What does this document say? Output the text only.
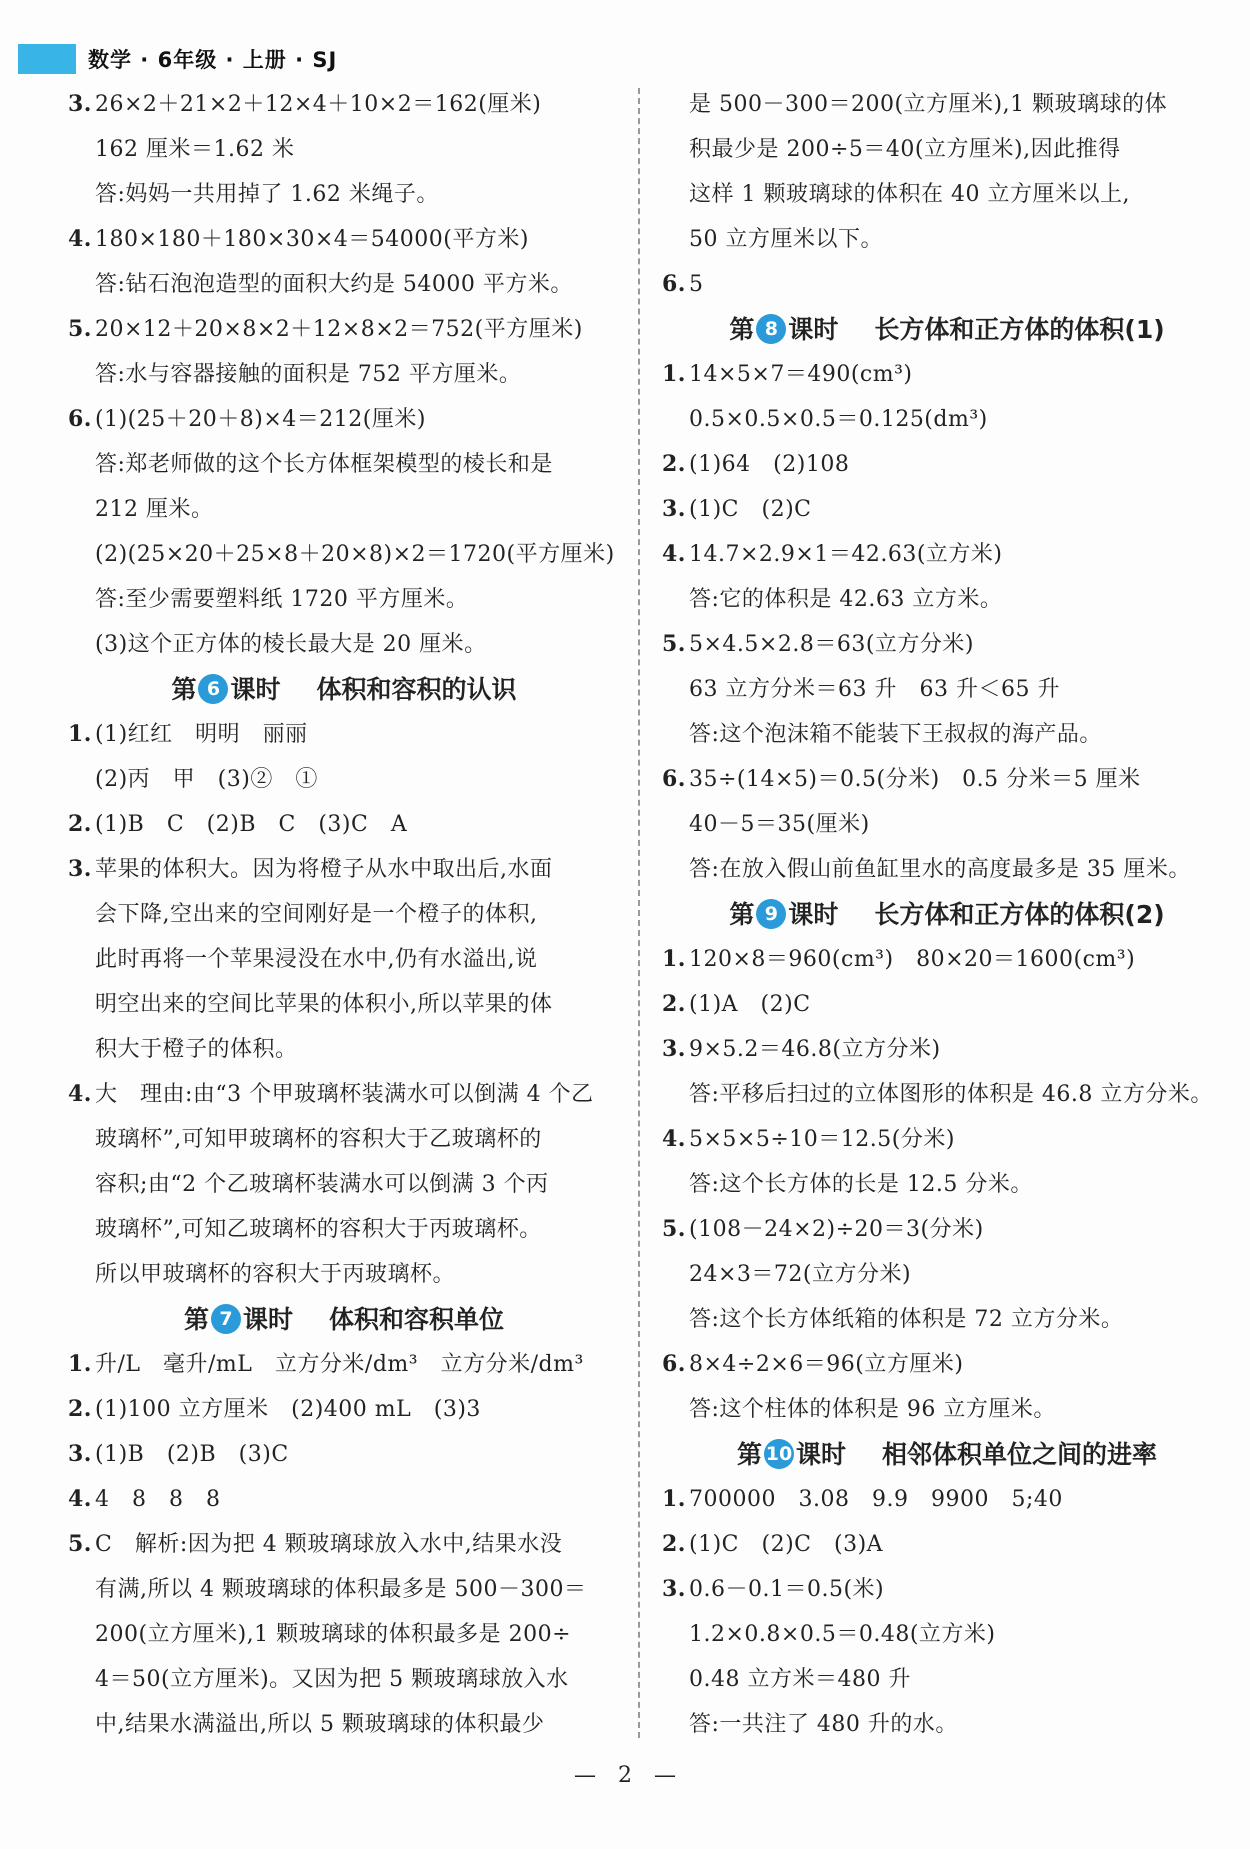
数学 · 6年级 · 上册 · SJ
3. 26×2＋21×2＋12×4＋10×2＝162(厘米)
162 厘米＝1.62 米
答:妈妈一共用掉了 1.62 米绳子。
4. 180×180＋180×30×4＝54000(平方米)
答:钻石泡泡造型的面积大约是 54000 平方米。
5. 20×12＋20×8×2＋12×8×2＝752(平方厘米)
答:水与容器接触的面积是 752 平方厘米。
6. (1)(25＋20＋8)×4＝212(厘米)
答:郑老师做的这个长方体框架模型的棱长和是
212 厘米。
(2)(25×20＋25×8＋20×8)×2＝1720(平方厘米)
答:至少需要塑料纸 1720 平方厘米。
(3)这个正方体的棱长最大是 20 厘米。
第 6 课时 体积和容积的认识
1. (1)红红　明明　丽丽
(2)丙　甲　(3)②　①
2. (1)B　C　(2)B　C　(3)C　A
3. 苹果的体积大。因为将橙子从水中取出后,水面
会下降,空出来的空间刚好是一个橙子的体积,
此时再将一个苹果浸没在水中,仍有水溢出,说
明空出来的空间比苹果的体积小,所以苹果的体
积大于橙子的体积。
4. 大　理由:由“3 个甲玻璃杯装满水可以倒满 4 个乙
玻璃杯”,可知甲玻璃杯的容积大于乙玻璃杯的
容积;由“2 个乙玻璃杯装满水可以倒满 3 个丙
玻璃杯”,可知乙玻璃杯的容积大于丙玻璃杯。
所以甲玻璃杯的容积大于丙玻璃杯。
第 7 课时 体积和容积单位
1. 升/L　毫升/mL　立方分米/dm³　立方分米/dm³
2. (1)100 立方厘米　(2)400 mL　(3)3
3. (1)B　(2)B　(3)C
4. 4　8　8　8
5. C　解析:因为把 4 颗玻璃球放入水中,结果水没
有满,所以 4 颗玻璃球的体积最多是 500－300＝
200(立方厘米),1 颗玻璃球的体积最多是 200÷
4＝50(立方厘米)。又因为把 5 颗玻璃球放入水
中,结果水满溢出,所以 5 颗玻璃球的体积最少
是 500－300＝200(立方厘米),1 颗玻璃球的体
积最少是 200÷5＝40(立方厘米),因此推得
这样 1 颗玻璃球的体积在 40 立方厘米以上,
50 立方厘米以下。
6. 5
第 8 课时 长方体和正方体的体积(1)
1. 14×5×7＝490(cm³)
0.5×0.5×0.5＝0.125(dm³)
2. (1)64　(2)108
3. (1)C　(2)C
4. 14.7×2.9×1＝42.63(立方米)
答:它的体积是 42.63 立方米。
5. 5×4.5×2.8＝63(立方分米)
63 立方分米＝63 升　63 升＜65 升
答:这个泡沫箱不能装下王叔叔的海产品。
6. 35÷(14×5)＝0.5(分米)　0.5 分米＝5 厘米
40－5＝35(厘米)
答:在放入假山前鱼缸里水的高度最多是 35 厘米。
第 9 课时 长方体和正方体的体积(2)
1. 120×8＝960(cm³)　80×20＝1600(cm³)
2. (1)A　(2)C
3. 9×5.2＝46.8(立方分米)
答:平移后扫过的立体图形的体积是 46.8 立方分米。
4. 5×5×5÷10＝12.5(分米)
答:这个长方体的长是 12.5 分米。
5. (108－24×2)÷20＝3(分米)
24×3＝72(立方分米)
答:这个长方体纸箱的体积是 72 立方分米。
6. 8×4÷2×6＝96(立方厘米)
答:这个柱体的体积是 96 立方厘米。
第 10 课时 相邻体积单位之间的进率
1. 700000　3.08　9.9　9900　5;40
2. (1)C　(2)C　(3)A
3. 0.6－0.1＝0.5(米)
1.2×0.8×0.5＝0.48(立方米)
0.48 立方米＝480 升
答:一共注了 480 升的水。
—　2　—
